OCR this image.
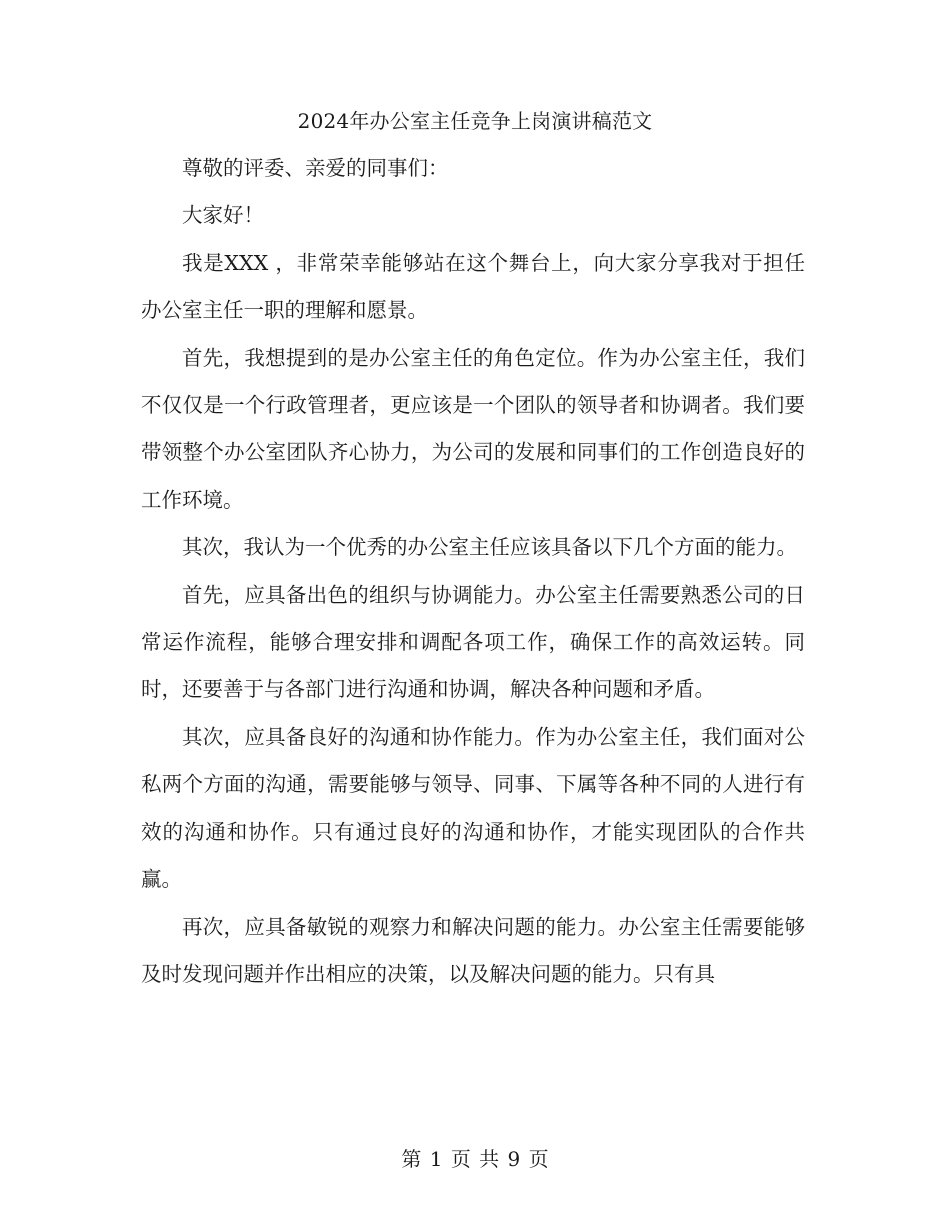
2024年办公室主任竞争上岗演讲稿范文

尊敬的评委、亲爱的同事们：

大家好！

我是XXX ，非常荣幸能够站在这个舞台上，向大家分享我对于担任办公室主任一职的理解和愿景。

首先，我想提到的是办公室主任的角色定位。作为办公室主任，我们不仅仅是一个行政管理者，更应该是一个团队的领导者和协调者。我们要带领整个办公室团队齐心协力，为公司的发展和同事们的工作创造良好的工作环境。

其次，我认为一个优秀的办公室主任应该具备以下几个方面的能力。

首先，应具备出色的组织与协调能力。办公室主任需要熟悉公司的日常运作流程，能够合理安排和调配各项工作，确保工作的高效运转。同时，还要善于与各部门进行沟通和协调，解决各种问题和矛盾。

其次，应具备良好的沟通和协作能力。作为办公室主任，我们面对公私两个方面的沟通，需要能够与领导、同事、下属等各种不同的人进行有效的沟通和协作。只有通过良好的沟通和协作，才能实现团队的合作共赢。

再次，应具备敏锐的观察力和解决问题的能力。办公室主任需要能够及时发现问题并作出相应的决策，以及解决问题的能力。只有具

第 1 页 共 9 页
